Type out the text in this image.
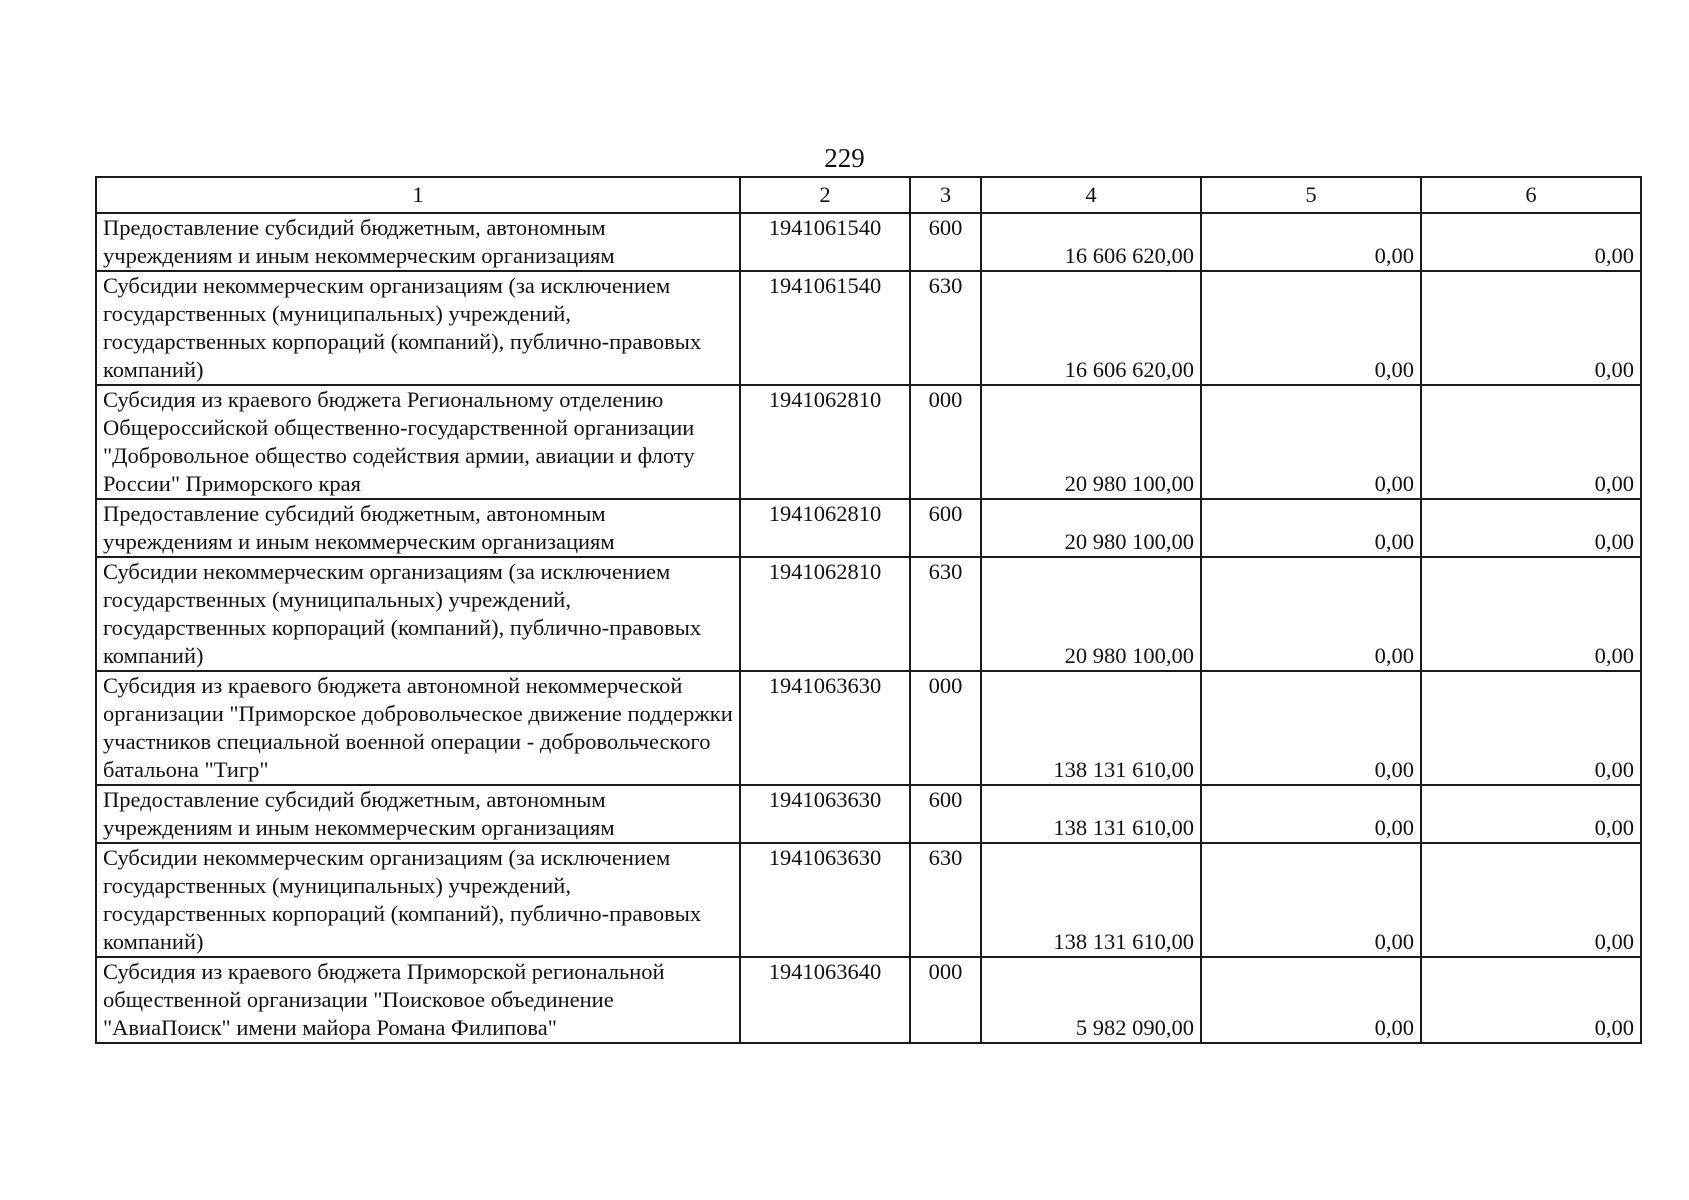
229
1	2	3	4	5	6
Предоставление субсидий бюджетным, автономным учреждениям и иным некоммерческим организациям	1941061540	600	16 606 620,00	0,00	0,00
Субсидии некоммерческим организациям (за исключением государственных (муниципальных) учреждений, государственных корпораций (компаний), публично-правовых компаний)	1941061540	630	16 606 620,00	0,00	0,00
Субсидия из краевого бюджета Региональному отделению Общероссийской общественно-государственной организации "Добровольное общество содействия армии, авиации и флоту России" Приморского края	1941062810	000	20 980 100,00	0,00	0,00
Предоставление субсидий бюджетным, автономным учреждениям и иным некоммерческим организациям	1941062810	600	20 980 100,00	0,00	0,00
Субсидии некоммерческим организациям (за исключением государственных (муниципальных) учреждений, государственных корпораций (компаний), публично-правовых компаний)	1941062810	630	20 980 100,00	0,00	0,00
Субсидия из краевого бюджета автономной некоммерческой организации "Приморское добровольческое движение поддержки участников специальной военной операции - добровольческого батальона "Тигр"	1941063630	000	138 131 610,00	0,00	0,00
Предоставление субсидий бюджетным, автономным учреждениям и иным некоммерческим организациям	1941063630	600	138 131 610,00	0,00	0,00
Субсидии некоммерческим организациям (за исключением государственных (муниципальных) учреждений, государственных корпораций (компаний), публично-правовых компаний)	1941063630	630	138 131 610,00	0,00	0,00
Субсидия из краевого бюджета Приморской региональной общественной организации "Поисковое объединение "АвиаПоиск" имени майора Романа Филипова"	1941063640	000	5 982 090,00	0,00	0,00
